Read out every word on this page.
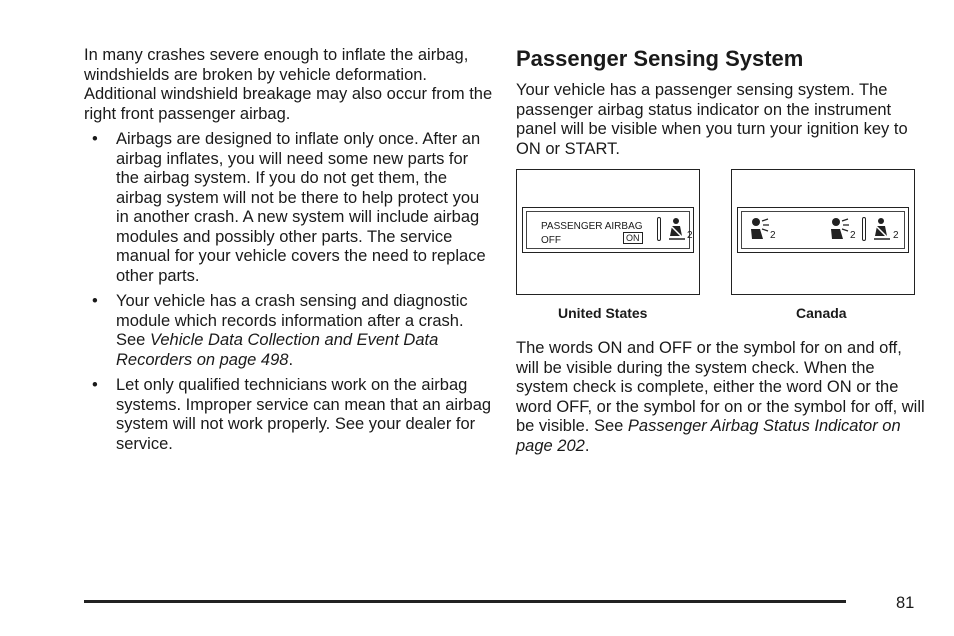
In many crashes severe enough to inflate the airbag, windshields are broken by vehicle deformation. Additional windshield breakage may also occur from the right front passenger airbag.

• Airbags are designed to inflate only once. After an airbag inflates, you will need some new parts for the airbag system. If you do not get them, the airbag system will not be there to help protect you in another crash. A new system will include airbag modules and possibly other parts. The service manual for your vehicle covers the need to replace other parts.
• Your vehicle has a crash sensing and diagnostic module which records information after a crash. See Vehicle Data Collection and Event Data Recorders on page 498.
• Let only qualified technicians work on the airbag systems. Improper service can mean that an airbag system will not work properly. See your dealer for service.
Passenger Sensing System

Your vehicle has a passenger sensing system. The passenger airbag status indicator on the instrument panel will be visible when you turn your ignition key to ON or START.

PASSENGER AIRBAG
OFF	ON	2	2	2	2
United States	Canada

The words ON and OFF or the symbol for on and off, will be visible during the system check. When the system check is complete, either the word ON or the word OFF, or the symbol for on or the symbol for off, will be visible. See Passenger Airbag Status Indicator on page 202.

81
